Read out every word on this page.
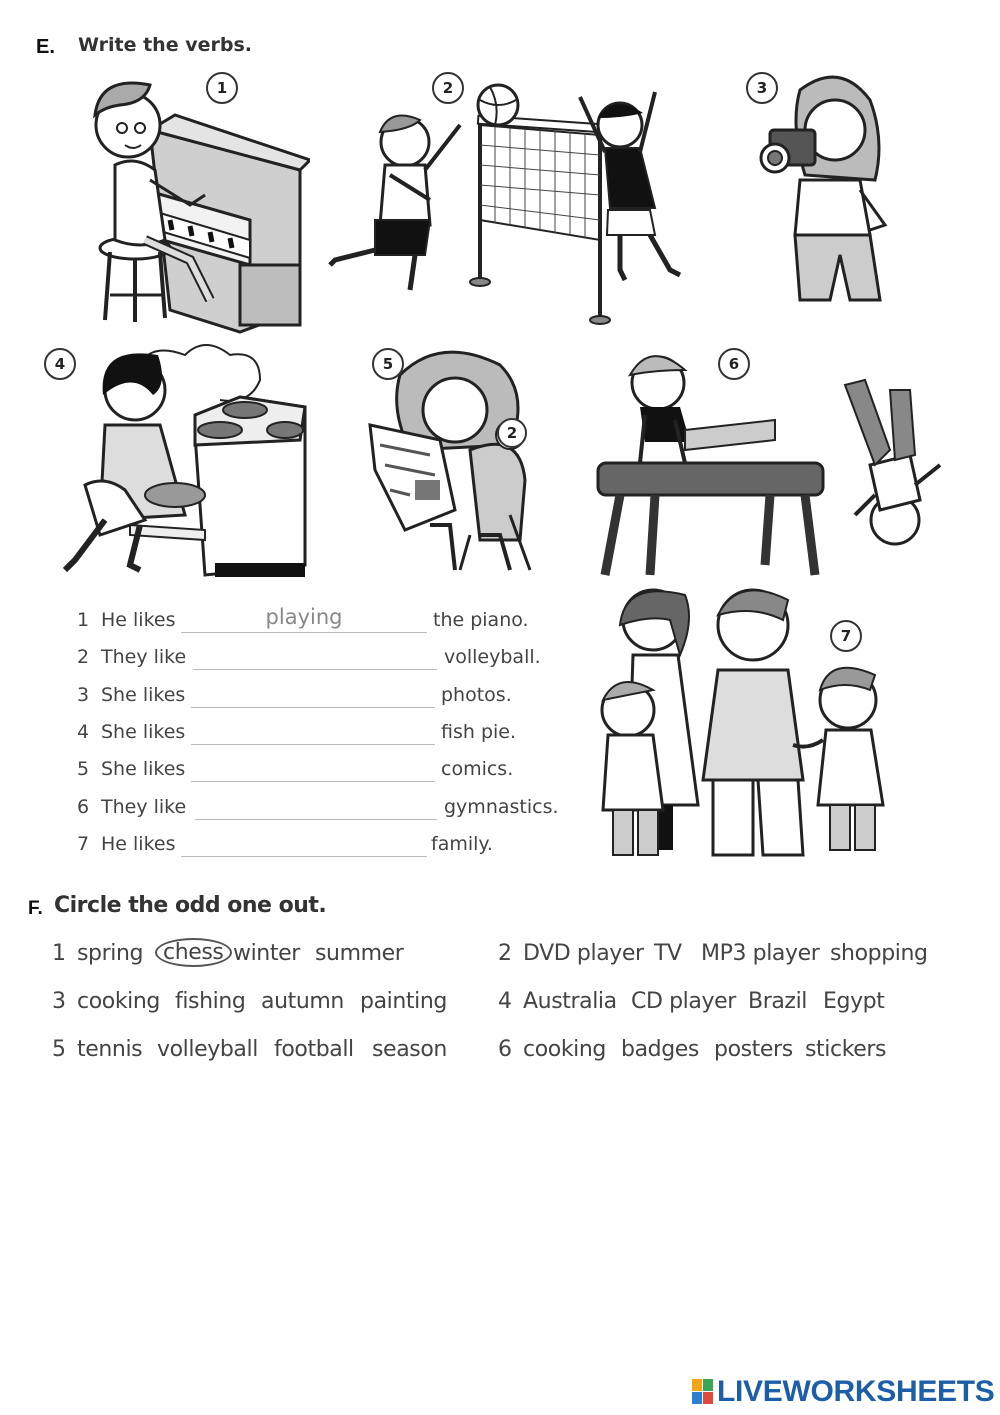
E. Write the verbs.
1	2	3
4	5
2
6
7
1 He likes	playing	the piano.
2 They like	volleyball.
3 She likes	photos.
4 She likes	fish pie.
5 She likes	comics.
6 They like	gymnastics.
7 He likes	family.
F. Circle the odd one out.
1 spring chess winter summer	2 DVD player TV MP3 player shopping
3 cooking fishing autumn painting 4 Australia CD player Brazil Egypt
5 tennis volleyball football season 6 cooking badges posters stickers
LIVEWORKSHEETS
